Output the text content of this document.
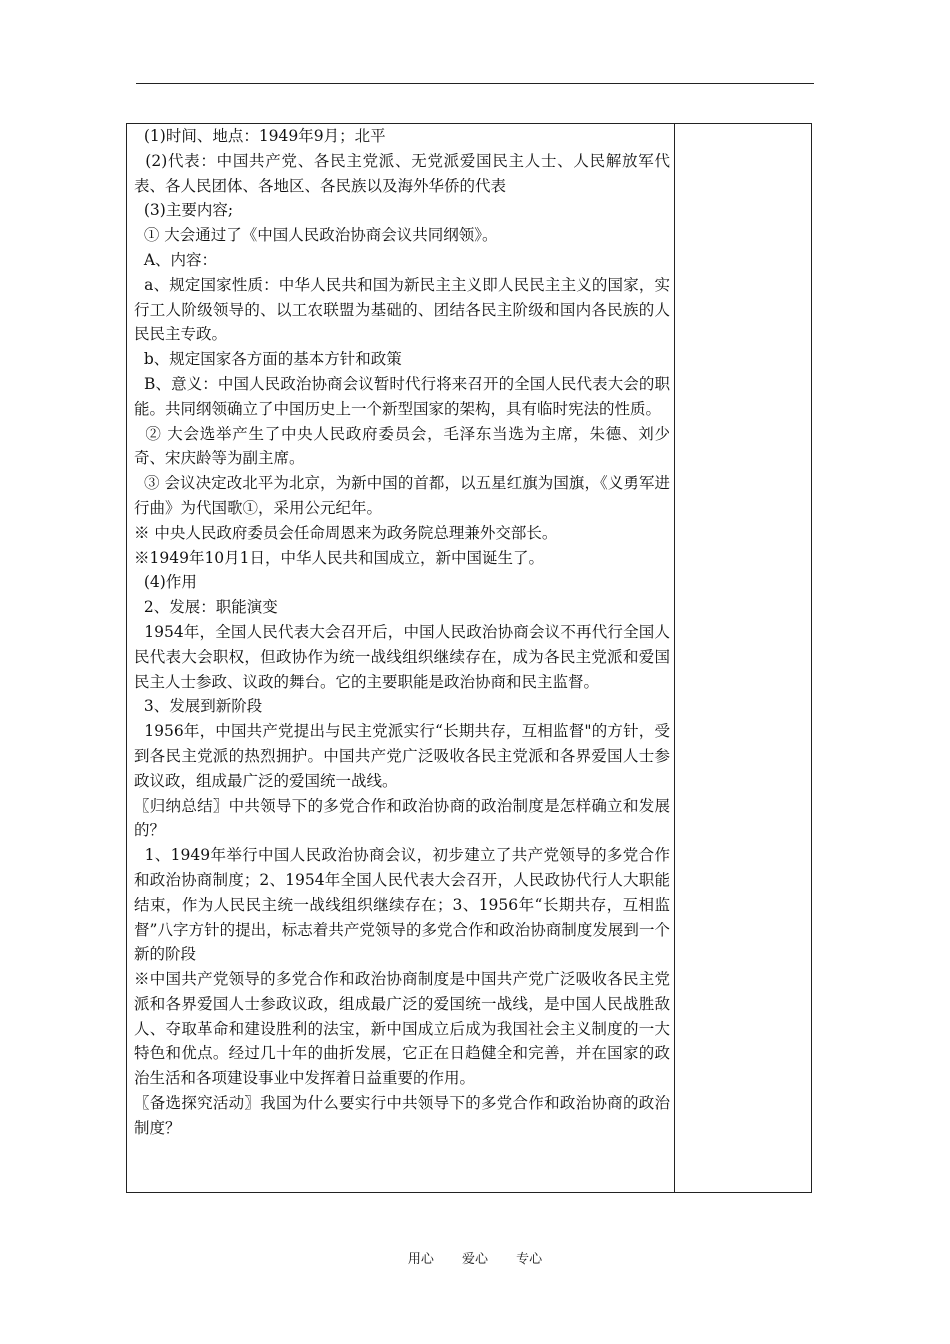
(1)时间、地点：1949年9月；北平

(2)代表：中国共产党、各民主党派、无党派爱国民主人士、人民解放军代表、各人民团体、各地区、各民族以及海外华侨的代表

(3)主要内容;

① 大会通过了《中国人民政治协商会议共同纲领》。

A、内容：

a、规定国家性质：中华人民共和国为新民主主义即人民民主主义的国家，实行工人阶级领导的、以工农联盟为基础的、团结各民主阶级和国内各民族的人民民主专政。

b、规定国家各方面的基本方针和政策

B、意义：中国人民政治协商会议暂时代行将来召开的全国人民代表大会的职能。共同纲领确立了中国历史上一个新型国家的架构，具有临时宪法的性质。

② 大会选举产生了中央人民政府委员会，毛泽东当选为主席，朱德、刘少奇、宋庆龄等为副主席。

③ 会议决定改北平为北京，为新中国的首都，以五星红旗为国旗，《义勇军进行曲》为代国歌①，采用公元纪年。

※ 中央人民政府委员会任命周恩来为政务院总理兼外交部长。

※1949年10月1日，中华人民共和国成立，新中国诞生了。

(4)作用

2、发展：职能演变

1954年，全国人民代表大会召开后，中国人民政治协商会议不再代行全国人民代表大会职权，但政协作为统一战线组织继续存在，成为各民主党派和爱国民主人士参政、议政的舞台。它的主要职能是政治协商和民主监督。

3、发展到新阶段

1956年，中国共产党提出与民主党派实行“长期共存，互相监督"的方针，受到各民主党派的热烈拥护。中国共产党广泛吸收各民主党派和各界爱国人士参政议政，组成最广泛的爱国统一战线。

〖归纳总结〗中共领导下的多党合作和政治协商的政治制度是怎样确立和发展的？

1、1949年举行中国人民政治协商会议，初步建立了共产党领导的多党合作和政治协商制度；2、1954年全国人民代表大会召开，人民政协代行人大职能结束，作为人民民主统一战线组织继续存在；3、1956年“长期共存，互相监督”八字方针的提出，标志着共产党领导的多党合作和政治协商制度发展到一个新的阶段

※中国共产党领导的多党合作和政治协商制度是中国共产党广泛吸收各民主党派和各界爱国人士参政议政，组成最广泛的爱国统一战线，是中国人民战胜敌人、夺取革命和建设胜利的法宝，新中国成立后成为我国社会主义制度的一大特色和优点。经过几十年的曲折发展，它正在日趋健全和完善，并在国家的政治生活和各项建设事业中发挥着日益重要的作用。

〖备选探究活动〗我国为什么要实行中共领导下的多党合作和政治协商的政治制度？

用心 爱心 专心
